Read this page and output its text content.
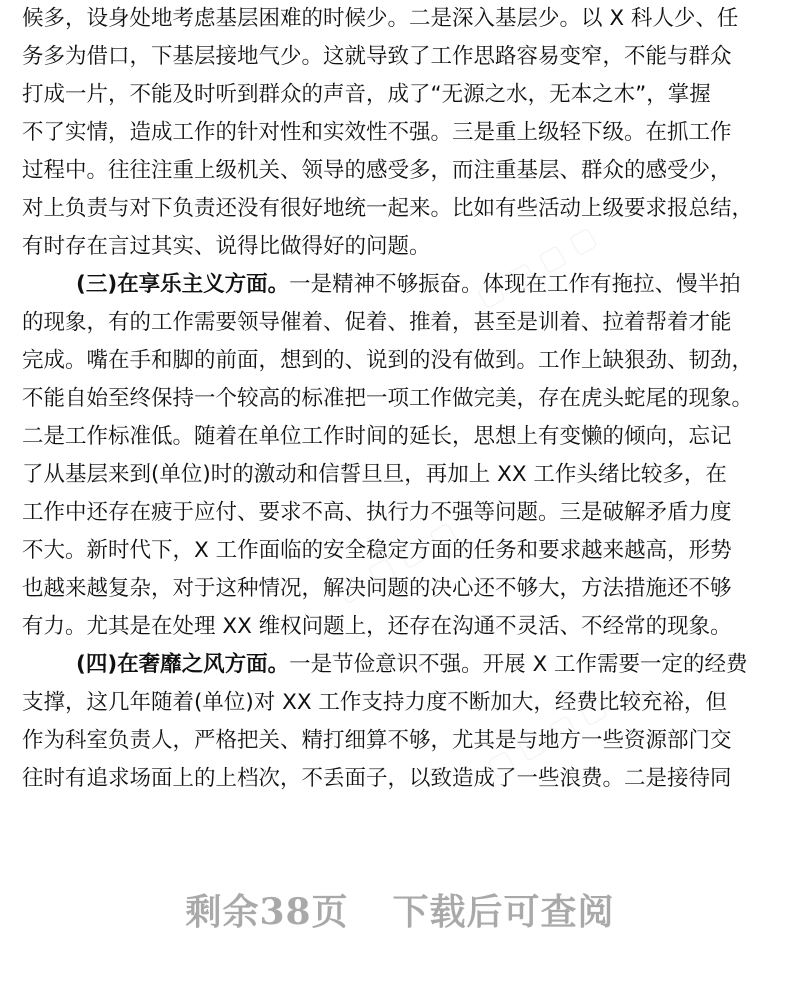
候多，设身处地考虑基层困难的时候少。二是深入基层少。以 X 科人少、任
务多为借口，下基层接地气少。这就导致了工作思路容易变窄，不能与群众
打成一片，不能及时听到群众的声音，成了“无源之水，无本之木”，掌握
不了实情，造成工作的针对性和实效性不强。三是重上级轻下级。在抓工作
过程中。往往注重上级机关、领导的感受多，而注重基层、群众的感受少，
对上负责与对下负责还没有很好地统一起来。比如有些活动上级要求报总结，
有时存在言过其实、说得比做得好的问题。
(三)在享乐主义方面。一是精神不够振奋。体现在工作有拖拉、慢半拍
的现象，有的工作需要领导催着、促着、推着，甚至是训着、拉着帮着才能
完成。嘴在手和脚的前面，想到的、说到的没有做到。工作上缺狠劲、韧劲，
不能自始至终保持一个较高的标准把一项工作做完美，存在虎头蛇尾的现象。
二是工作标准低。随着在单位工作时间的延长，思想上有变懒的倾向，忘记
了从基层来到(单位)时的激动和信誓旦旦，再加上 XX 工作头绪比较多，在
工作中还存在疲于应付、要求不高、执行力不强等问题。三是破解矛盾力度
不大。新时代下，X 工作面临的安全稳定方面的任务和要求越来越高，形势
也越来越复杂，对于这种情况，解决问题的决心还不够大，方法措施还不够
有力。尤其是在处理 XX 维权问题上，还存在沟通不灵活、不经常的现象。
(四)在奢靡之风方面。一是节俭意识不强。开展 X 工作需要一定的经费
支撑，这几年随着(单位)对 XX 工作支持力度不断加大，经费比较充裕，但
作为科室负责人，严格把关、精打细算不够，尤其是与地方一些资源部门交
往时有追求场面上的上档次，不丢面子，以致造成了一些浪费。二是接待同
剩余38页 下载后可查阅
